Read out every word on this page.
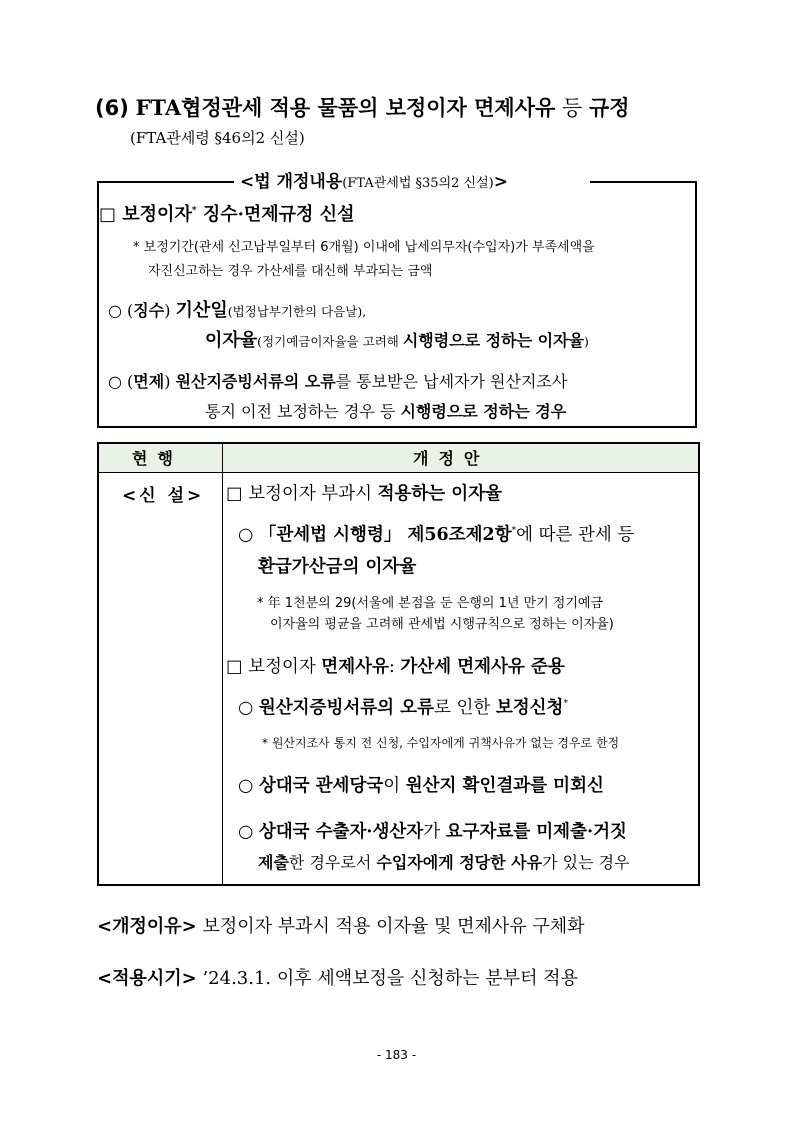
(6) FTA협정관세 적용 물품의 보정이자 면제사유 등 규정
(FTA관세령 §46의2 신설)
<법 개정내용(FTA관세법 §35의2 신설)>
□ 보정이자* 징수·면제규정 신설
* 보정기간(관세 신고납부일부터 6개월) 이내에 납세의무자(수입자)가 부족세액을
자진신고하는 경우 가산세를 대신해 부과되는 금액
○ (징수) 기산일(법정납부기한의 다음날),
이자율(정기예금이자율을 고려해 시행령으로 정하는 이자율)
○ (면제) 원산지증빙서류의 오류를 통보받은 납세자가 원산지조사
통지 이전 보정하는 경우 등 시행령으로 정하는 경우
현행	개정안
<신 설> □ 보정이자 부과시 적용하는 이자율
○ 「관세법 시행령」 제56조제2항*에 따른 관세 등
환급가산금의 이자율
* 年 1천분의 29(서울에 본점을 둔 은행의 1년 만기 정기예금
이자율의 평균을 고려해 관세법 시행규칙으로 정하는 이자율)
□ 보정이자 면제사유: 가산세 면제사유 준용
○ 원산지증빙서류의 오류로 인한 보정신청*
* 원산지조사 통지 전 신청, 수입자에게 귀책사유가 없는 경우로 한정
○ 상대국 관세당국이 원산지 확인결과를 미회신
○ 상대국 수출자·생산자가 요구자료를 미제출·거짓
제출한 경우로서 수입자에게 정당한 사유가 있는 경우
<개정이유> 보정이자 부과시 적용 이자율 및 면제사유 구체화
<적용시기> ’24.3.1. 이후 세액보정을 신청하는 분부터 적용
- 183 -
